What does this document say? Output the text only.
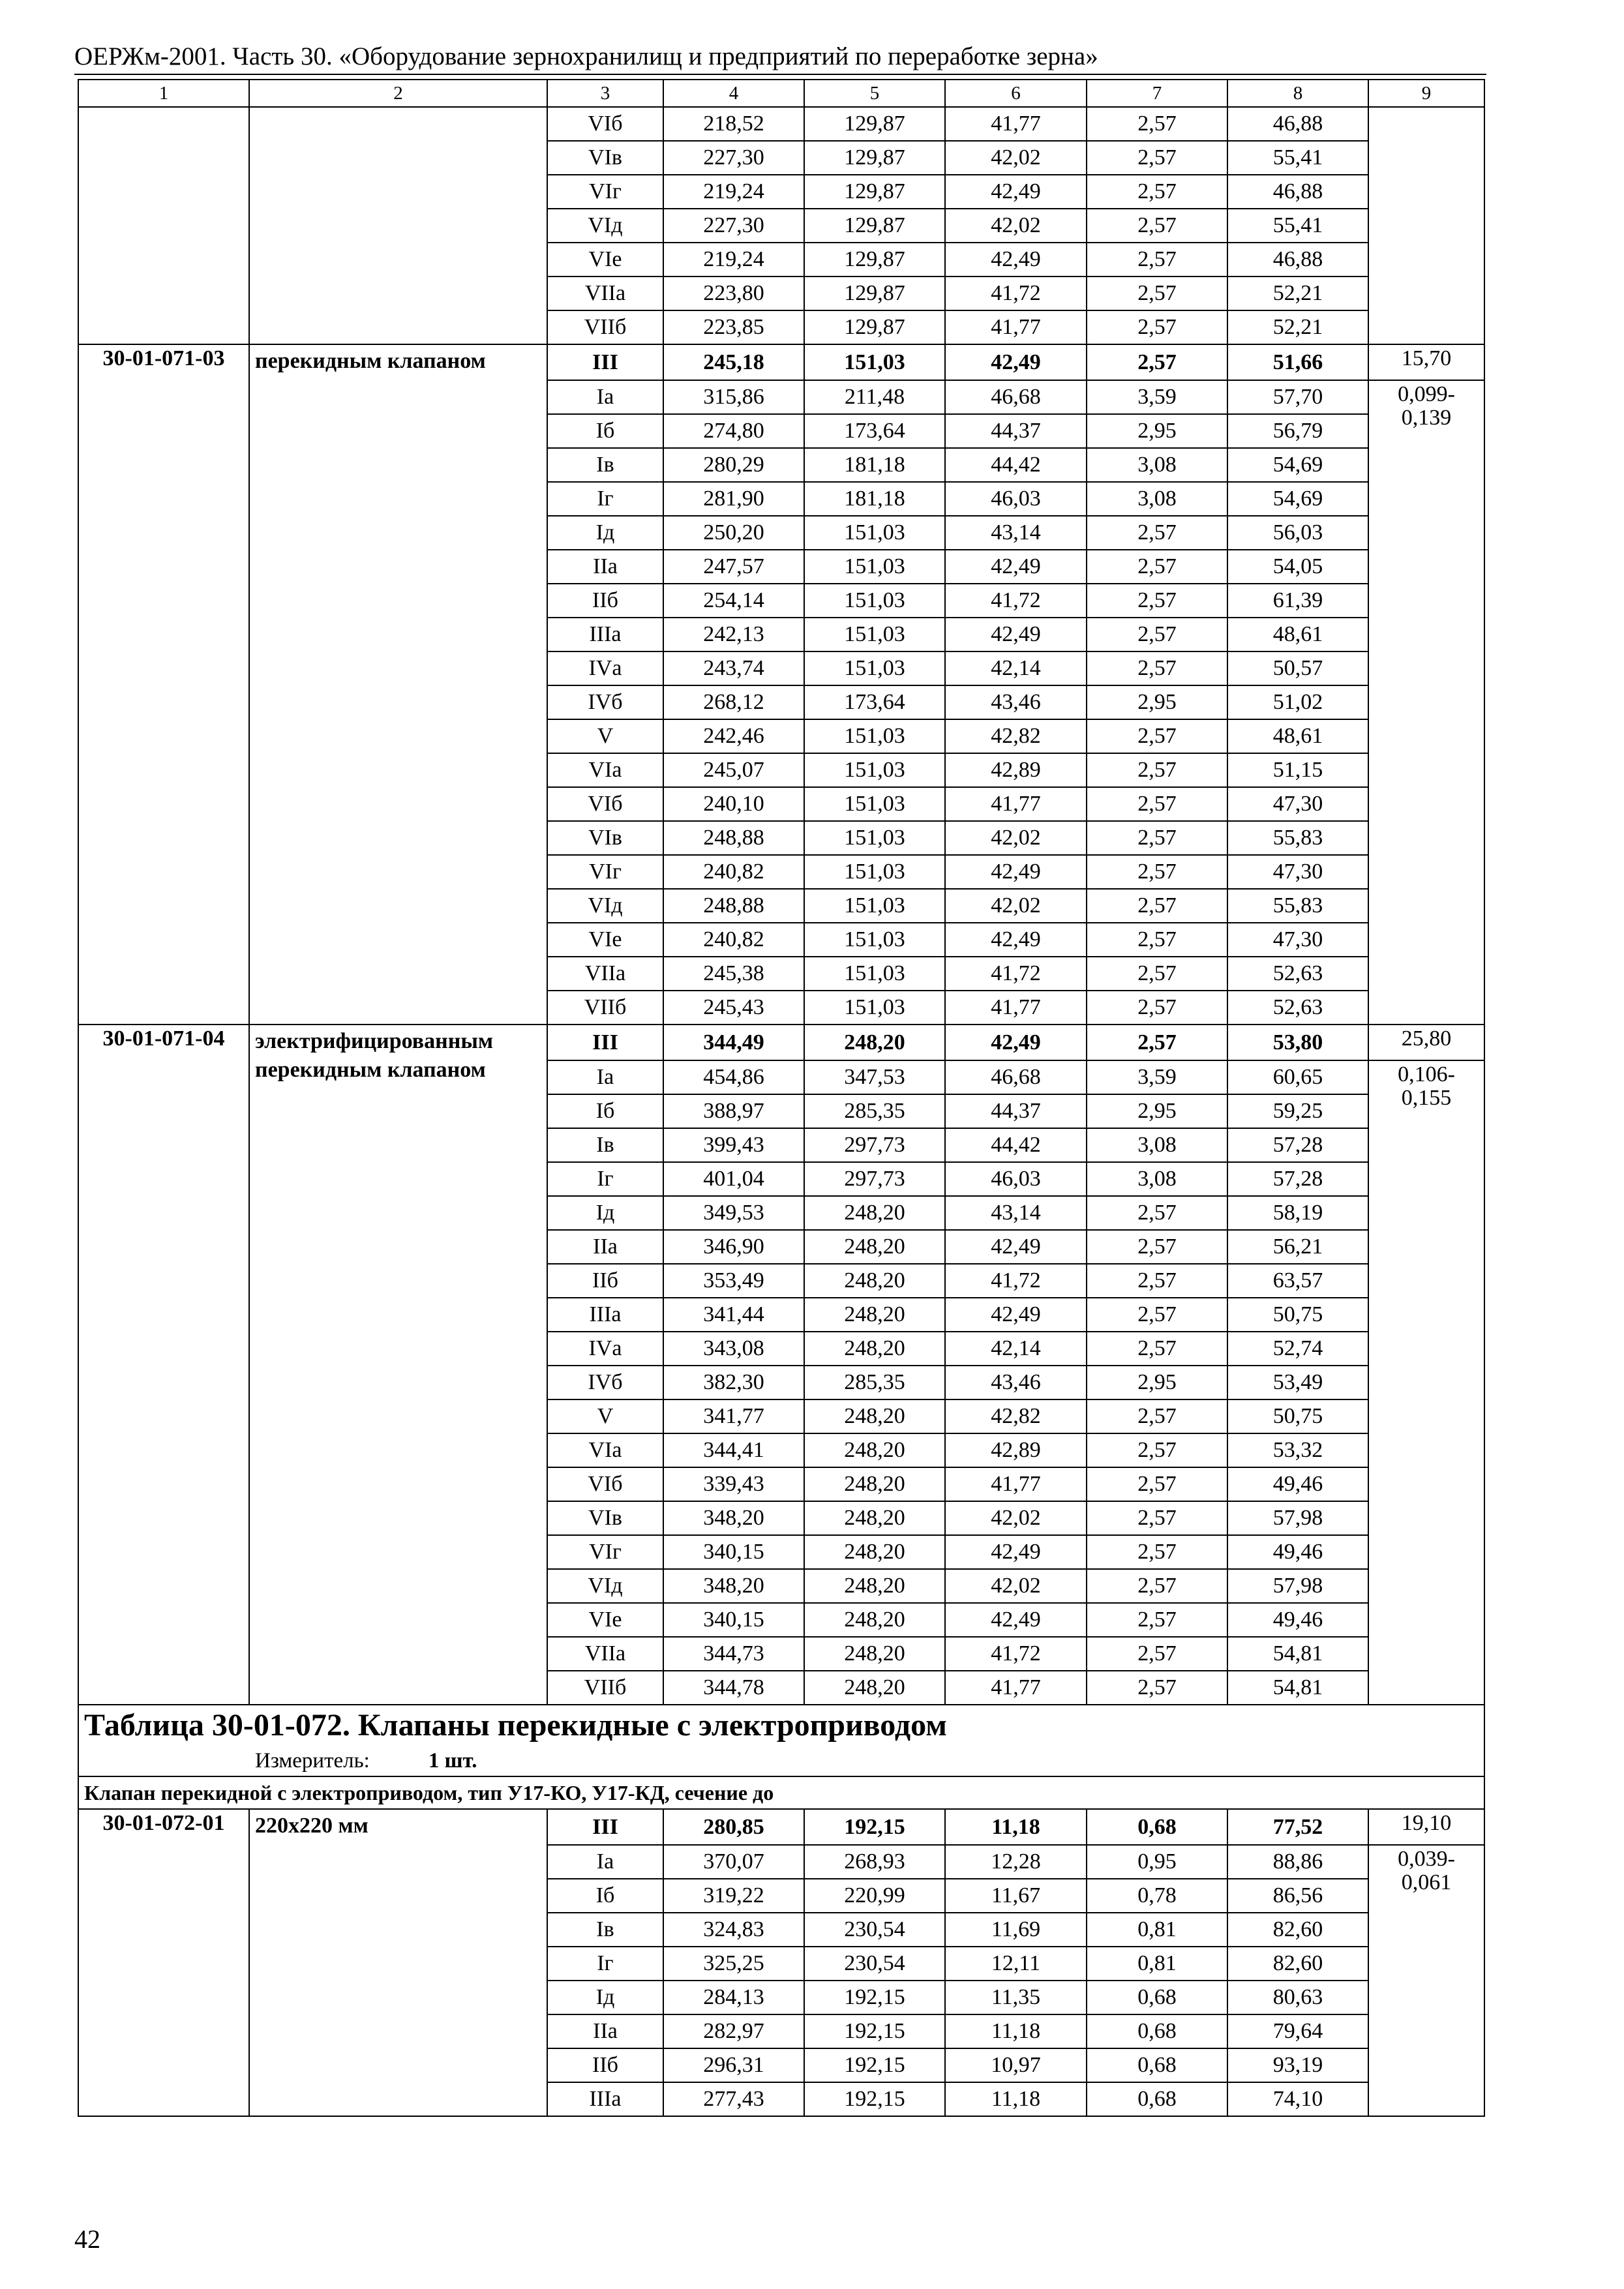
ОЕРЖм-2001. Часть 30. «Оборудование зернохранилищ и предприятий по переработке зерна»
1	2	3	4	5	6	7	8	9
		VIб	218,52	129,87	41,77	2,57	46,88	
		VIв	227,30	129,87	42,02	2,57	55,41	
		VIг	219,24	129,87	42,49	2,57	46,88	
		VIд	227,30	129,87	42,02	2,57	55,41	
		VIе	219,24	129,87	42,49	2,57	46,88	
		VIIа	223,80	129,87	41,72	2,57	52,21	
		VIIб	223,85	129,87	41,77	2,57	52,21	
30-01-071-03	перекидным клапаном	III	245,18	151,03	42,49	2,57	51,66	15,70
		Iа	315,86	211,48	46,68	3,59	57,70	0,099-
0,139
		Iб	274,80	173,64	44,37	2,95	56,79	
		Iв	280,29	181,18	44,42	3,08	54,69	
		Iг	281,90	181,18	46,03	3,08	54,69	
		Iд	250,20	151,03	43,14	2,57	56,03	
		IIа	247,57	151,03	42,49	2,57	54,05	
		IIб	254,14	151,03	41,72	2,57	61,39	
		IIIа	242,13	151,03	42,49	2,57	48,61	
		IVа	243,74	151,03	42,14	2,57	50,57	
		IVб	268,12	173,64	43,46	2,95	51,02	
		V	242,46	151,03	42,82	2,57	48,61	
		VIа	245,07	151,03	42,89	2,57	51,15	
		VIб	240,10	151,03	41,77	2,57	47,30	
		VIв	248,88	151,03	42,02	2,57	55,83	
		VIг	240,82	151,03	42,49	2,57	47,30	
		VIд	248,88	151,03	42,02	2,57	55,83	
		VIе	240,82	151,03	42,49	2,57	47,30	
		VIIа	245,38	151,03	41,72	2,57	52,63	
		VIIб	245,43	151,03	41,77	2,57	52,63	
30-01-071-04	электрифицированным перекидным клапаном	III	344,49	248,20	42,49	2,57	53,80	25,80
		Iа	454,86	347,53	46,68	3,59	60,65	0,106-
0,155
		Iб	388,97	285,35	44,37	2,95	59,25	
		Iв	399,43	297,73	44,42	3,08	57,28	
		Iг	401,04	297,73	46,03	3,08	57,28	
		Iд	349,53	248,20	43,14	2,57	58,19	
		IIа	346,90	248,20	42,49	2,57	56,21	
		IIб	353,49	248,20	41,72	2,57	63,57	
		IIIа	341,44	248,20	42,49	2,57	50,75	
		IVа	343,08	248,20	42,14	2,57	52,74	
		IVб	382,30	285,35	43,46	2,95	53,49	
		V	341,77	248,20	42,82	2,57	50,75	
		VIа	344,41	248,20	42,89	2,57	53,32	
		VIб	339,43	248,20	41,77	2,57	49,46	
		VIв	348,20	248,20	42,02	2,57	57,98	
		VIг	340,15	248,20	42,49	2,57	49,46	
		VIд	348,20	248,20	42,02	2,57	57,98	
		VIе	340,15	248,20	42,49	2,57	49,46	
		VIIа	344,73	248,20	41,72	2,57	54,81	
		VIIб	344,78	248,20	41,77	2,57	54,81	
Таблица 30-01-072. Клапаны перекидные с электроприводом								
Измеритель: 1 шт.								
Клапан перекидной с электроприводом, тип У17-КО, У17-КД, сечение до								
30-01-072-01	220х220 мм	III	280,85	192,15	11,18	0,68	77,52	19,10
		Iа	370,07	268,93	12,28	0,95	88,86	0,039-
0,061
		Iб	319,22	220,99	11,67	0,78	86,56	
		Iв	324,83	230,54	11,69	0,81	82,60	
		Iг	325,25	230,54	12,11	0,81	82,60	
		Iд	284,13	192,15	11,35	0,68	80,63	
		IIа	282,97	192,15	11,18	0,68	79,64	
		IIб	296,31	192,15	10,97	0,68	93,19	
		IIIа	277,43	192,15	11,18	0,68	74,10	
42
